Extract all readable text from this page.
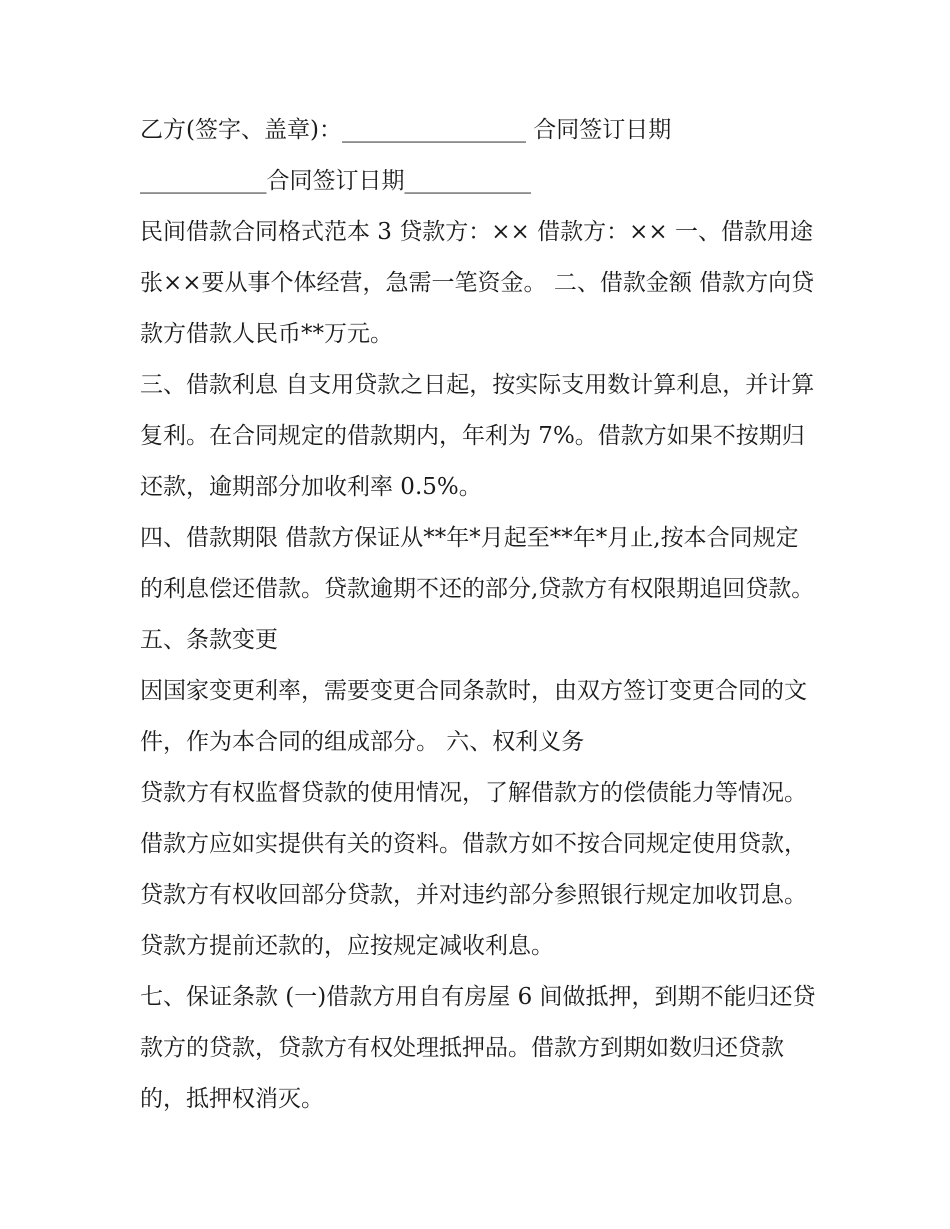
乙方(签字、盖章)：________________ 合同签订日期

___________合同签订日期___________

民间借款合同格式范本 3 贷款方：×× 借款方：×× 一、借款用途 张××要从事个体经营，急需一笔资金。 二、借款金额 借款方向贷款方借款人民币**万元。

三、借款利息 自支用贷款之日起，按实际支用数计算利息，并计算复利。在合同规定的借款期内，年利为 7%。借款方如果不按期归还款，逾期部分加收利率 0.5%。

四、借款期限 借款方保证从**年*月起至**年*月止,按本合同规定的利息偿还借款。贷款逾期不还的部分,贷款方有权限期追回贷款。 五、条款变更

因国家变更利率，需要变更合同条款时，由双方签订变更合同的文件，作为本合同的组成部分。 六、权利义务

贷款方有权监督贷款的使用情况，了解借款方的偿债能力等情况。借款方应如实提供有关的资料。借款方如不按合同规定使用贷款，贷款方有权收回部分贷款，并对违约部分参照银行规定加收罚息。贷款方提前还款的，应按规定减收利息。

七、保证条款 (一)借款方用自有房屋 6 间做抵押，到期不能归还贷款方的贷款，贷款方有权处理抵押品。借款方到期如数归还贷款的，抵押权消灭。
